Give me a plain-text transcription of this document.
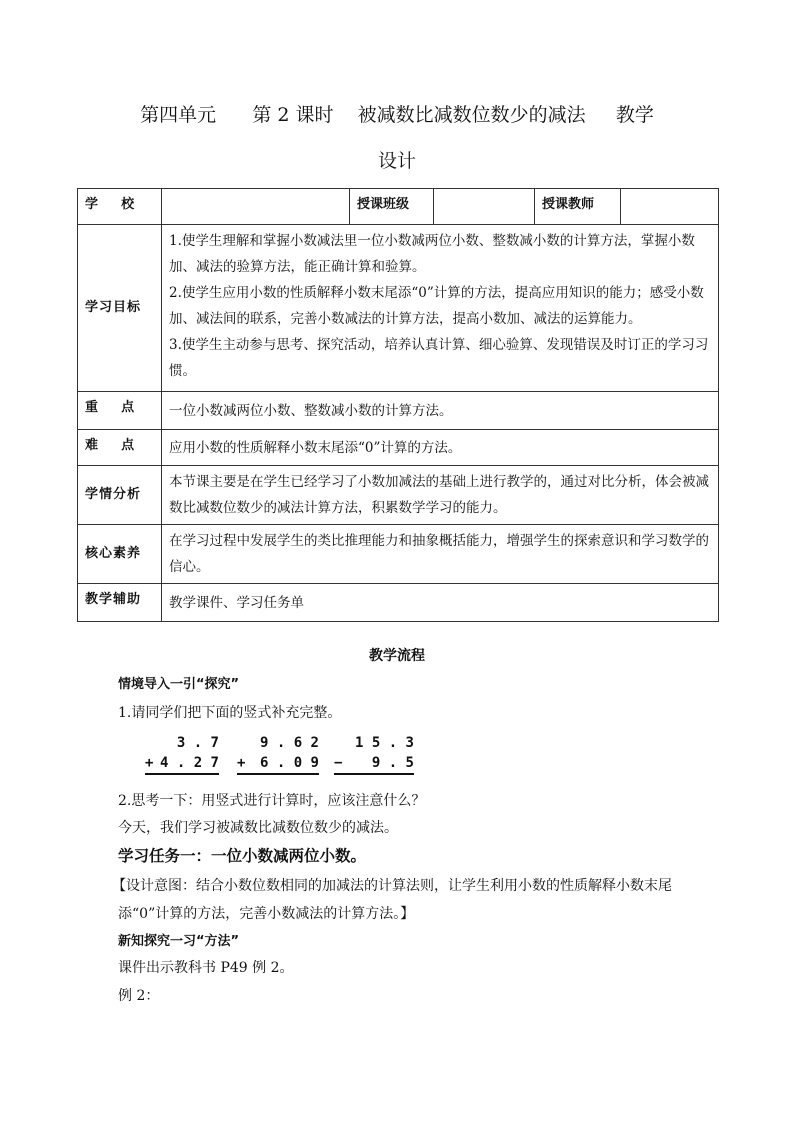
第四单元      第 2 课时    被减数比减数位数少的减法     教学
设计
学    校		授课班级		授课教师	
学习目标	1.使学生理解和掌握小数减法里一位小数减两位小数、整数减小数的计算方法，掌握小数加、减法的验算方法，能正确计算和验算。

2.使学生应用小数的性质解释小数末尾添“0”计算的方法，提高应用知识的能力；感受小数加、减法间的联系，完善小数减法的计算方法，提高小数加、减法的运算能力。

3.使学生主动参与思考、探究活动，培养认真计算、细心验算、发现错误及时订正的学习习惯。				

重    点	一位小数减两位小数、整数减小数的计算方法。				
难    点	应用小数的性质解释小数末尾添“0”计算的方法。				
学情分析	本节课主要是在学生已经学习了小数加减法的基础上进行教学的，通过对比分析，体会被减数比减数位数少的减法计算方法，积累数学学习的能力。				
核心素养	在学习过程中发展学生的类比推理能力和抽象概括能力，增强学生的探索意识和学习数学的信心。				
教学辅助	教学课件、学习任务单				
教学流程
情境导入一引“探究”
1.请同学们把下面的竖式补充完整。
3 . 7
+ 4 . 2 7
9 . 6 2
+ 6 . 0 9
1 5 . 3
− 9 . 5
2.思考一下：用竖式进行计算时，应该注意什么？
今天，我们学习被减数比减数位数少的减法。
学习任务一：一位小数减两位小数。
【设计意图：结合小数位数相同的加减法的计算法则，让学生利用小数的性质解释小数末尾
添“0”计算的方法，完善小数减法的计算方法。】
新知探究一习“方法”
课件出示教科书 P49 例 2。
例 2：
